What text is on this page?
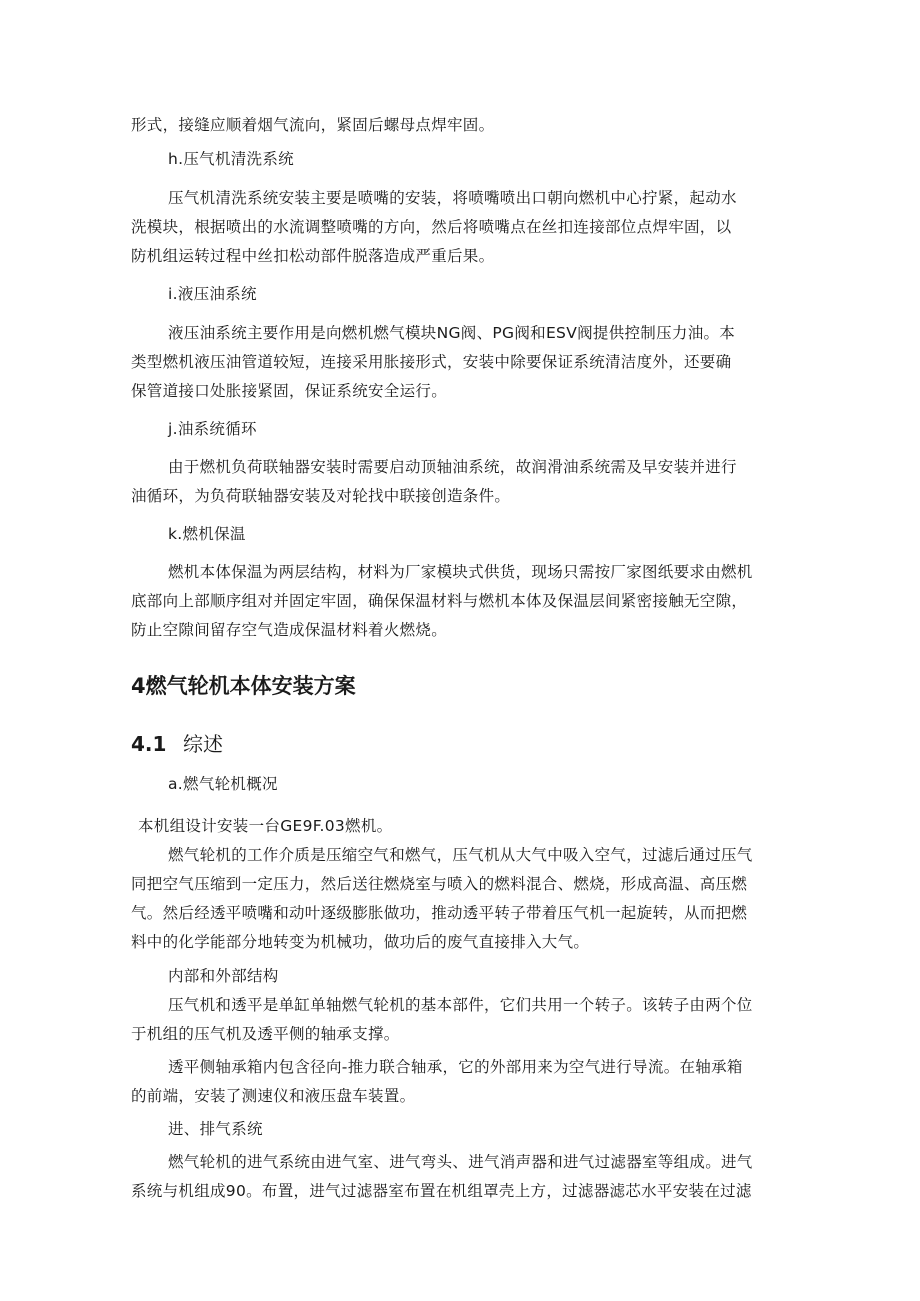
形式，接缝应顺着烟气流向，紧固后螺母点焊牢固。
h.压气机清洗系统
压气机清洗系统安装主要是喷嘴的安装，将喷嘴喷出口朝向燃机中心拧紧，起动水
洗模块，根据喷出的水流调整喷嘴的方向，然后将喷嘴点在丝扣连接部位点焊牢固，以
防机组运转过程中丝扣松动部件脱落造成严重后果。
i.液压油系统
液压油系统主要作用是向燃机燃气模块NG阀、PG阀和ESV阀提供控制压力油。本
类型燃机液压油管道较短，连接采用胀接形式，安装中除要保证系统清洁度外，还要确
保管道接口处胀接紧固，保证系统安全运行。
j.油系统循环
由于燃机负荷联轴器安装时需要启动顶轴油系统，故润滑油系统需及早安装并进行
油循环，为负荷联轴器安装及对轮找中联接创造条件。
k.燃机保温
燃机本体保温为两层结构，材料为厂家模块式供货，现场只需按厂家图纸要求由燃机
底部向上部顺序组对并固定牢固，确保保温材料与燃机本体及保温层间紧密接触无空隙，
防止空隙间留存空气造成保温材料着火燃烧。
a.燃气轮机概况
本机组设计安装一台GE9F.03燃机。
燃气轮机的工作介质是压缩空气和燃气，压气机从大气中吸入空气，过滤后通过压气
同把空气压缩到一定压力，然后送往燃烧室与喷入的燃料混合、燃烧，形成高温、高压燃
气。然后经透平喷嘴和动叶逐级膨胀做功，推动透平转子带着压气机一起旋转，从而把燃
料中的化学能部分地转变为机械功，做功后的废气直接排入大气。
内部和外部结构
压气机和透平是单缸单轴燃气轮机的基本部件，它们共用一个转子。该转子由两个位
于机组的压气机及透平侧的轴承支撑。
透平侧轴承箱内包含径向-推力联合轴承，它的外部用来为空气进行导流。在轴承箱
的前端，安装了测速仪和液压盘车装置。
进、排气系统
燃气轮机的进气系统由进气室、进气弯头、进气消声器和进气过滤器室等组成。进气
系统与机组成90。布置，进气过滤器室布置在机组罩壳上方，过滤器滤芯水平安装在过滤
4燃气轮机本体安装方案
4.1 综述
